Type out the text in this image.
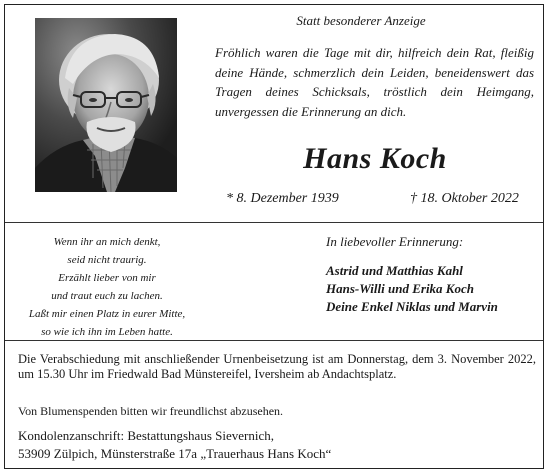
Statt besonderer Anzeige
Fröhlich waren die Tage mit dir, hilfreich dein Rat, fleißig deine Hände, schmerzlich dein Leiden, beneidenswert das Tragen deines Schicksals, tröstlich dein Heimgang, unvergessen die Erinnerung an dich.
Hans Koch
* 8. Dezember 1939	† 18. Oktober 2022
Wenn ihr an mich denkt,
seid nicht traurig.
Erzählt lieber von mir
und traut euch zu lachen.
Laßt mir einen Platz in eurer Mitte,
so wie ich ihn im Leben hatte.
In liebevoller Erinnerung:
Astrid und Matthias Kahl
Hans-Willi und Erika Koch
Deine Enkel Niklas und Marvin
Die Verabschiedung mit anschließender Urnenbeisetzung ist am Donnerstag, dem 3. November 2022, um 15.30 Uhr im Friedwald Bad Münstereifel, Iversheim ab Andachtsplatz.
Von Blumenspenden bitten wir freundlichst abzusehen.
Kondolenzanschrift: Bestattungshaus Sievernich,
53909 Zülpich, Münsterstraße 17a „Trauerhaus Hans Koch“
